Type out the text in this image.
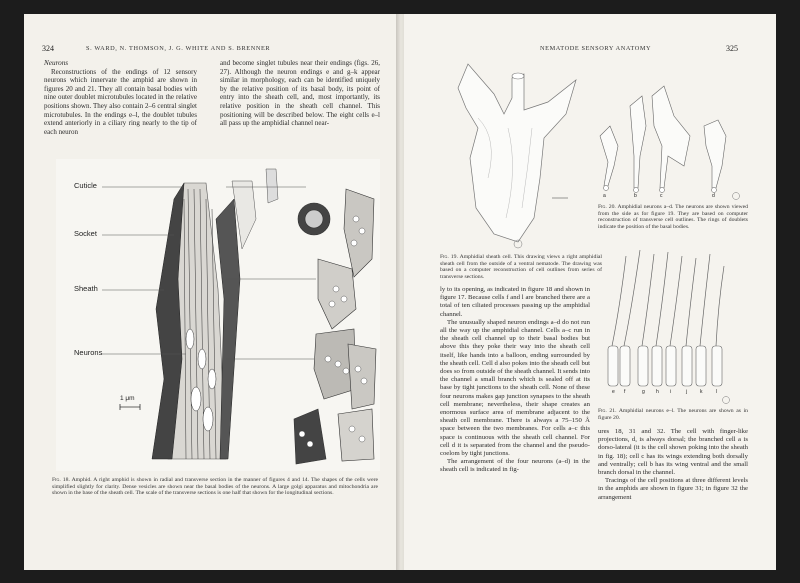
324	S. WARD, N. THOMSON, J. G. WHITE AND S. BRENNER
Neurons

Reconstructions of the endings of 12 sensory neurons which innervate the amphid are shown in figures 20 and 21. They all contain basal bodies with nine outer doublet microtubules located in the relative positions shown. They also contain 2–6 central singlet microtubules. In the endings e–l, the doublet tubules extend anteriorly in a ciliary ring nearly to the tip of each neuron

and become singlet tubules near their endings (figs. 26, 27). Although the neuron endings e and g–k appear similar in morphology, each can be identified uniquely by the relative position of its basal body, its point of entry into the sheath cell, and, most importantly, its relative position in the sheath cell channel. This positioning will be described below. The eight cells e–l all pass up the amphidial channel near-

Cuticle
Socket
Sheath
Neurons
1 μm
Fig. 18. Amphid. A right amphid is shown in radial and transverse section in the manner of figures 4 and 14. The shapes of the cells were simplified slightly for clarity. Dense vesicles are shown near the basal bodies of the neurons. A large golgi apparatus and mitochondria are shown in the base of the sheath cell. The scale of the transverse sections is one half that shown for the longitudinal sections.
NEMATODE SENSORY ANATOMY	325
Fig. 19. Amphidial sheath cell. This drawing views a right amphidial sheath cell from the outside of a ventral nematode. The drawing was based on a computer reconstruction of cell outlines from series of transverse sections.
a	b	c	d
Fig. 20. Amphidial neurons a–d. The neurons are shown viewed from the side as for figure 19. They are based on computer reconstruction of transverse cell outlines. The rings of doublets indicate the position of the basal bodies.
e f	g h i	j	k	l
Fig. 21. Amphidial neurons e–l. The neurons are shown as in figure 20.

ly to its opening, as indicated in figure 18 and shown in figure 17. Because cells f and l are branched there are a total of ten ciliated processes passing up the amphidial channel.

The unusually shaped neuron endings a–d do not run all the way up the amphidial channel. Cells a–c run in the sheath cell channel up to their basal bodies but above this they poke their way into the sheath cell itself, like hands into a balloon, ending surrounded by the sheath cell. Cell d also pokes into the sheath cell but does so from outside of the sheath channel. It sends into the channel a small branch which is sealed off at its base by tight junctions to the sheath cell. None of these four neurons makes gap junction synapses to the sheath cell membrane; nevertheless, their shape creates an enormous surface area of membrane adjacent to the sheath cell membrane. There is always a 75–150 Å space between the two membranes. For cells a–c this space is continuous with the sheath cell channel. For cell d it is separated from the channel and the pseudo-coelom by tight junctions.

The arrangement of the four neurons (a–d) in the sheath cell is indicated in fig-

ures 18, 31 and 32. The cell with finger-like projections, d, is always dorsal; the branched cell a is dorso-lateral (it is the cell shown poking into the sheath in fig. 18); cell c has its wings extending both dorsally and ventrally; cell b has its wing ventral and the small branch dorsal in the channel.

Tracings of the cell positions at three different levels in the amphids are shown in figure 31; in figure 32 the arrangement
